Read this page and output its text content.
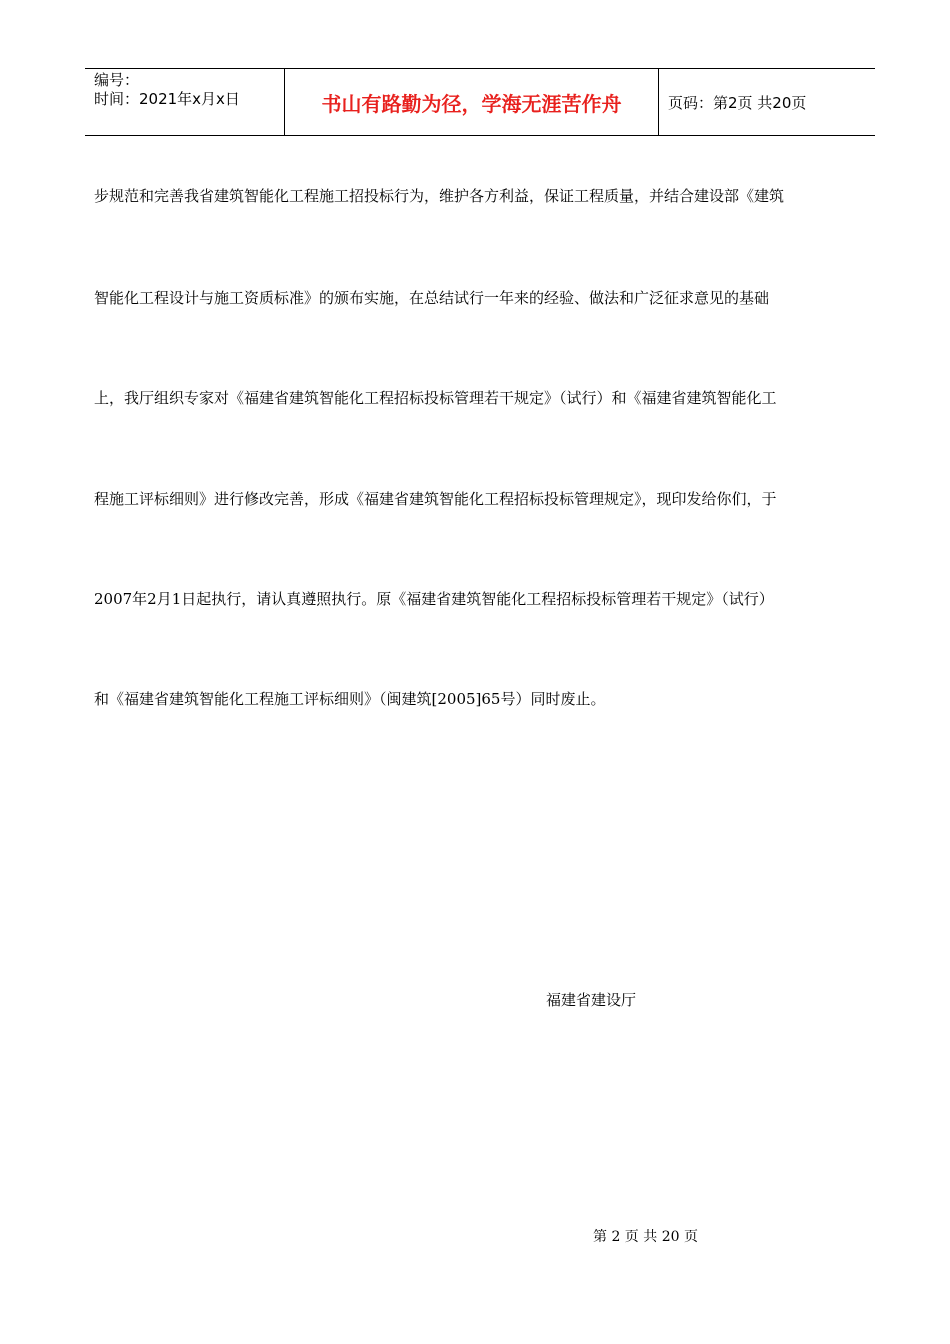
编号：
时间：2021年x月x日	书山有路勤为径，学海无涯苦作舟	页码：第2页 共20页
步规范和完善我省建筑智能化工程施工招投标行为，维护各方利益，保证工程质量，并结合建设部《建筑
智能化工程设计与施工资质标准》的颁布实施，在总结试行一年来的经验、做法和广泛征求意见的基础
上，我厅组织专家对《福建省建筑智能化工程招标投标管理若干规定》（试行）和《福建省建筑智能化工
程施工评标细则》进行修改完善，形成《福建省建筑智能化工程招标投标管理规定》，现印发给你们，于
2007年2月1日起执行，请认真遵照执行。原《福建省建筑智能化工程招标投标管理若干规定》（试行）
和《福建省建筑智能化工程施工评标细则》（闽建筑[2005]65号）同时废止。
福建省建设厅
第 2 页 共 20 页
